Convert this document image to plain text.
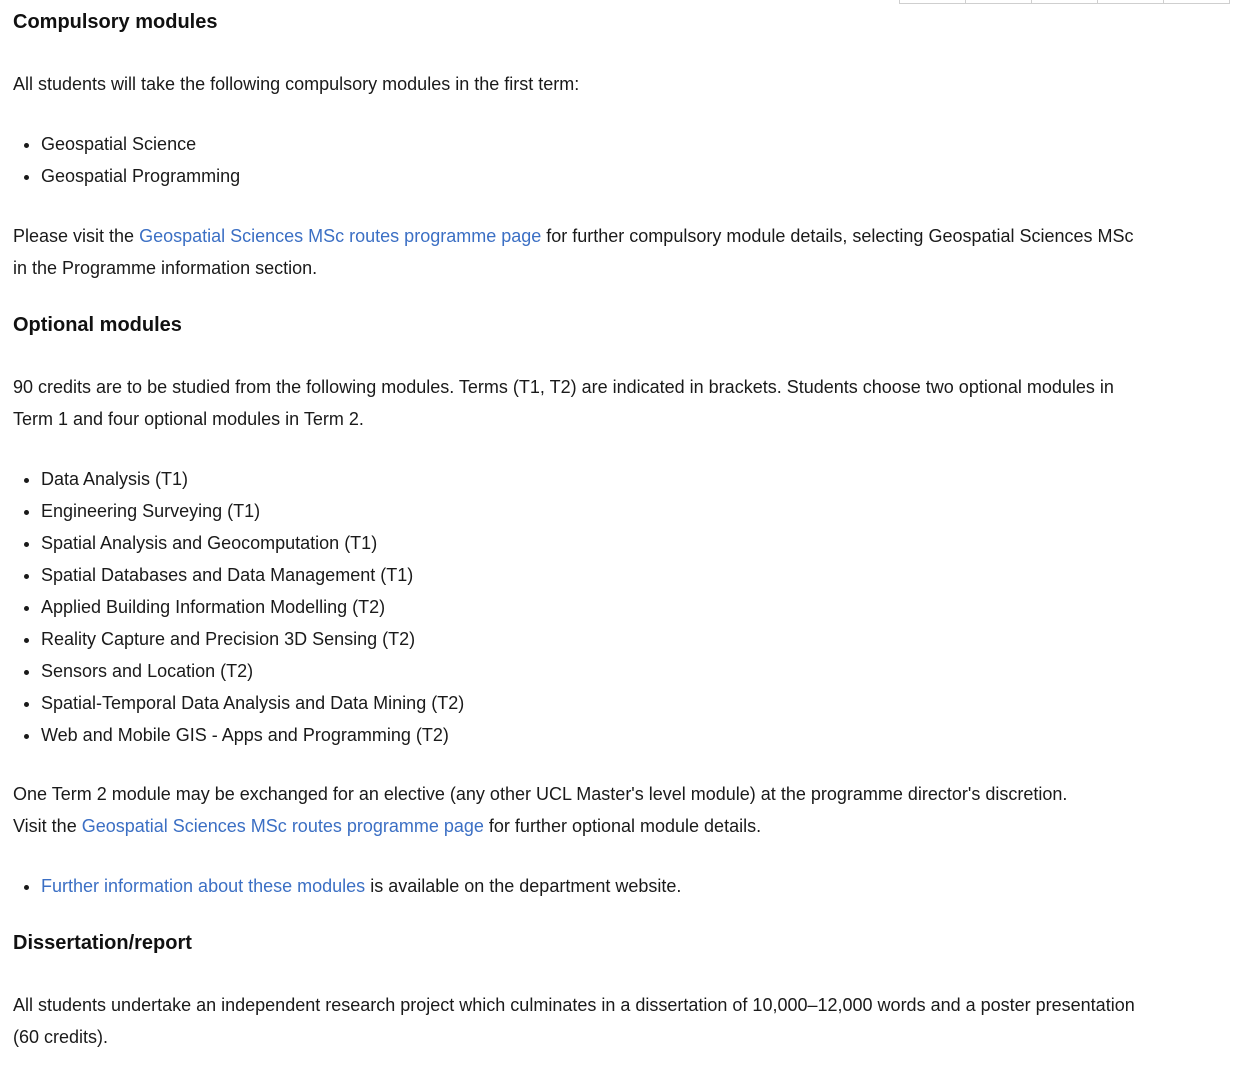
Compulsory modules

All students will take the following compulsory modules in the first term:

• Geospatial Science
• Geospatial Programming

Please visit the Geospatial Sciences MSc routes programme page for further compulsory module details, selecting Geospatial Sciences MSc
in the Programme information section.

Optional modules

90 credits are to be studied from the following modules. Terms (T1, T2) are indicated in brackets. Students choose two optional modules in
Term 1 and four optional modules in Term 2.

• Data Analysis (T1)
• Engineering Surveying (T1)
• Spatial Analysis and Geocomputation (T1)
• Spatial Databases and Data Management (T1)
• Applied Building Information Modelling (T2)
• Reality Capture and Precision 3D Sensing (T2)
• Sensors and Location (T2)
• Spatial-Temporal Data Analysis and Data Mining (T2)
• Web and Mobile GIS - Apps and Programming (T2)

One Term 2 module may be exchanged for an elective (any other UCL Master's level module) at the programme director's discretion.
Visit the Geospatial Sciences MSc routes programme page for further optional module details.

• Further information about these modules is available on the department website.
Dissertation/report

All students undertake an independent research project which culminates in a dissertation of 10,000–12,000 words and a poster presentation
(60 credits).
